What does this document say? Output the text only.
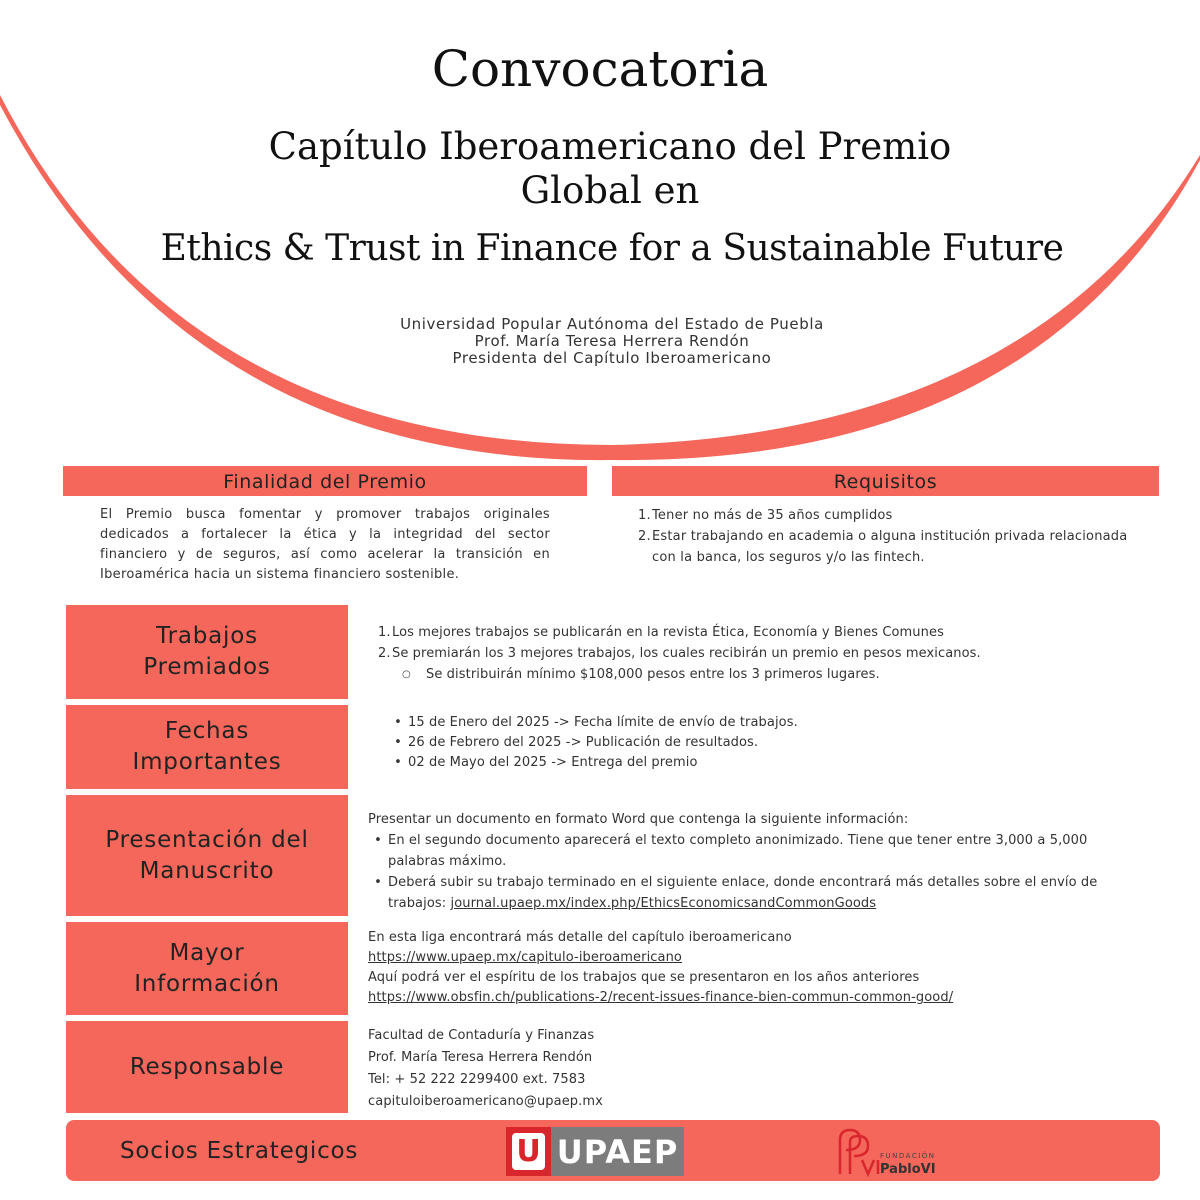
Convocatoria
Capítulo Iberoamericano del Premio
Global en
Ethics & Trust in Finance for a Sustainable Future
Universidad Popular Autónoma del Estado de Puebla
Prof. María Teresa Herrera Rendón
Presidenta del Capítulo Iberoamericano
Finalidad del Premio
El Premio busca fomentar y promover trabajos originales dedicados a fortalecer la ética y la integridad del sector financiero y de seguros, así como acelerar la transición en Iberoamérica hacia un sistema financiero sostenible.
Requisitos
1. Tener no más de 35 años cumplidos
2. Estar trabajando en academia o alguna institución privada relacionada con la banca, los seguros y/o las fintech.
Trabajos
Premiados
1. Los mejores trabajos se publicarán en la revista Ética, Economía y Bienes Comunes
2. Se premiarán los 3 mejores trabajos, los cuales recibirán un premio en pesos mexicanos.
○	Se distribuirán mínimo $108,000 pesos entre los 3 primeros lugares.
Fechas
Importantes
• 15 de Enero del 2025 -> Fecha límite de envío de trabajos.
• 26 de Febrero del 2025 -> Publicación de resultados.
• 02 de Mayo del 2025 -> Entrega del premio
Presentación del
Manuscrito
Presentar un documento en formato Word que contenga la siguiente información:
• En el segundo documento aparecerá el texto completo anonimizado. Tiene que tener entre 3,000 a 5,000 palabras máximo.
• Deberá subir su trabajo terminado en el siguiente enlace, donde encontrará más detalles sobre el envío de trabajos: journal.upaep.mx/index.php/EthicsEconomicsandCommonGoods
Mayor
Información
En esta liga encontrará más detalle del capítulo iberoamericano
https://www.upaep.mx/capitulo-iberoamericano
Aquí podrá ver el espíritu de los trabajos que se presentaron en los años anteriores
https://www.obsfin.ch/publications-2/recent-issues-finance-bien-commun-common-good/
Responsable
Facultad de Contaduría y Finanzas
Prof. María Teresa Herrera Rendón
Tel: + 52 222 2299400 ext. 7583
capituloiberoamericano@upaep.mx
Socios Estrategicos	U UPAEP	FUNDACIÓN
PabloVI
